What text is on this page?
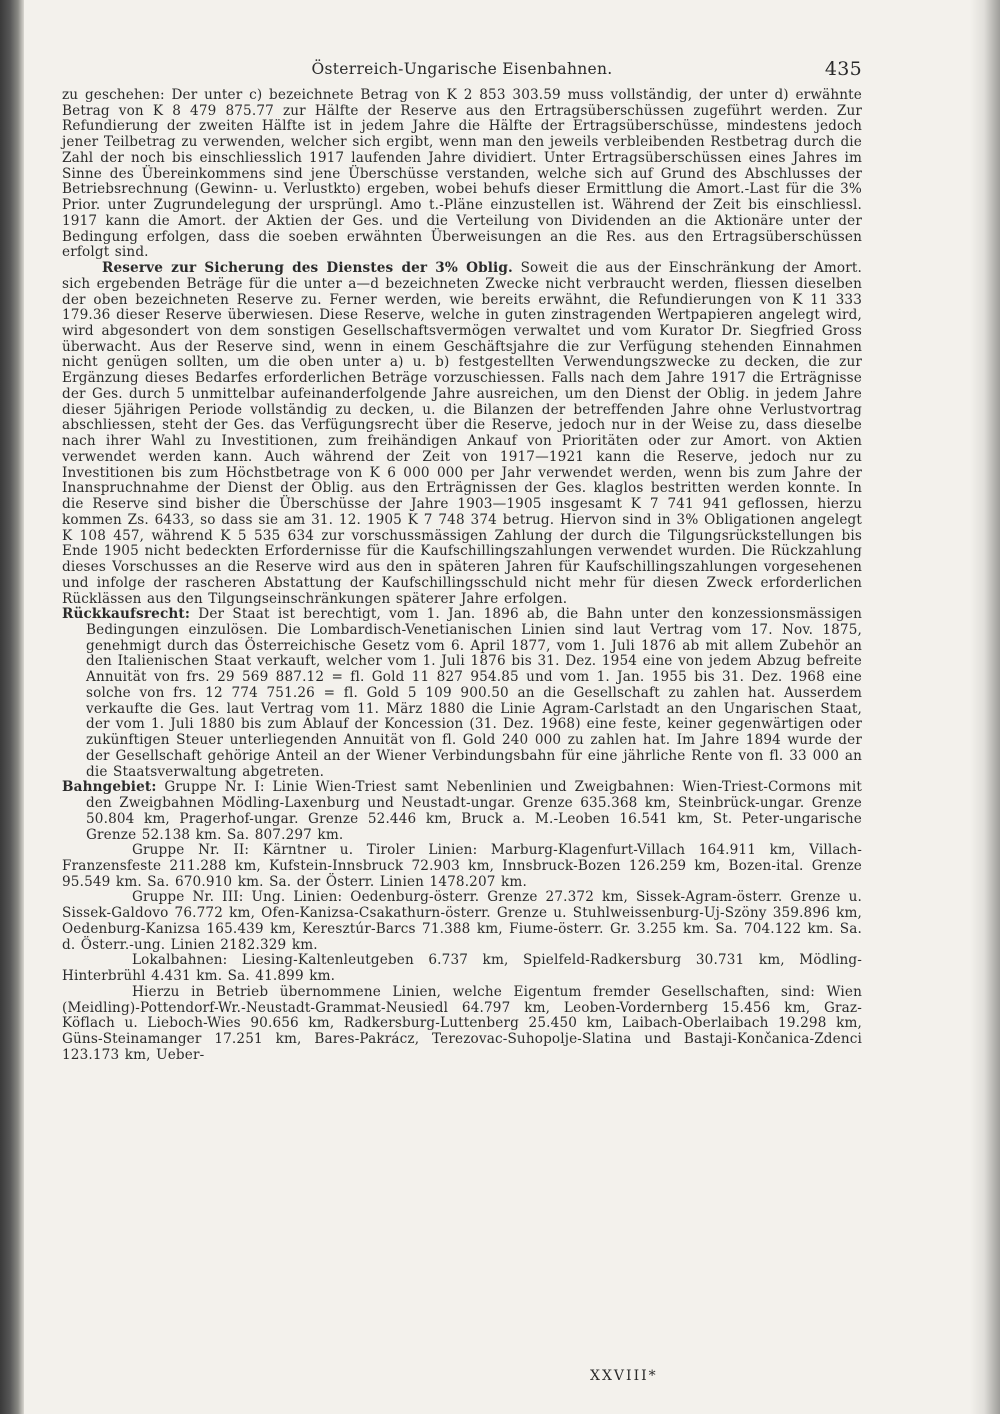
Österreich-Ungarische Eisenbahnen.	435

zu geschehen: Der unter c) bezeichnete Betrag von K 2 853 303.59 muss vollständig, der unter d) erwähnte Betrag von K 8 479 875.77 zur Hälfte der Reserve aus den Ertragsüberschüssen zugeführt werden. Zur Refundierung der zweiten Hälfte ist in jedem Jahre die Hälfte der Ertragsüberschüsse, mindestens jedoch jener Teilbetrag zu verwenden, welcher sich ergibt, wenn man den jeweils verbleibenden Restbetrag durch die Zahl der noch bis einschliesslich 1917 laufenden Jahre dividiert. Unter Ertragsüberschüssen eines Jahres im Sinne des Übereinkommens sind jene Überschüsse verstanden, welche sich auf Grund des Abschlusses der Betriebsrechnung (Gewinn- u. Verlustkto) ergeben, wobei behufs dieser Ermittlung die Amort.-Last für die 3% Prior. unter Zugrundelegung der ursprüngl. Amo t.-Pläne einzustellen ist. Während der Zeit bis einschliessl. 1917 kann die Amort. der Aktien der Ges. und die Verteilung von Dividenden an die Aktionäre unter der Bedingung erfolgen, dass die soeben erwähnten Überweisungen an die Res. aus den Ertragsüberschüssen erfolgt sind.

Reserve zur Sicherung des Dienstes der 3% Oblig. Soweit die aus der Einschränkung der Amort. sich ergebenden Beträge für die unter a—d bezeichneten Zwecke nicht verbraucht werden, fliessen dieselben der oben bezeichneten Reserve zu. Ferner werden, wie bereits erwähnt, die Refundierungen von K 11 333 179.36 dieser Reserve überwiesen. Diese Reserve, welche in guten zinstragenden Wertpapieren angelegt wird, wird abgesondert von dem sonstigen Gesellschaftsvermögen verwaltet und vom Kurator Dr. Siegfried Gross überwacht. Aus der Reserve sind, wenn in einem Geschäftsjahre die zur Verfügung stehenden Einnahmen nicht genügen sollten, um die oben unter a) u. b) festgestellten Verwendungszwecke zu decken, die zur Ergänzung dieses Bedarfes erforderlichen Beträge vorzuschiessen. Falls nach dem Jahre 1917 die Erträgnisse der Ges. durch 5 unmittelbar aufeinanderfolgende Jahre ausreichen, um den Dienst der Oblig. in jedem Jahre dieser 5jährigen Periode vollständig zu decken, u. die Bilanzen der betreffenden Jahre ohne Verlustvortrag abschliessen, steht der Ges. das Verfügungsrecht über die Reserve, jedoch nur in der Weise zu, dass dieselbe nach ihrer Wahl zu Investitionen, zum freihändigen Ankauf von Prioritäten oder zur Amort. von Aktien verwendet werden kann. Auch während der Zeit von 1917—1921 kann die Reserve, jedoch nur zu Investitionen bis zum Höchstbetrage von K 6 000 000 per Jahr verwendet werden, wenn bis zum Jahre der Inanspruchnahme der Dienst der Oblig. aus den Erträgnissen der Ges. klaglos bestritten werden konnte. In die Reserve sind bisher die Überschüsse der Jahre 1903—1905 insgesamt K 7 741 941 geflossen, hierzu kommen Zs. 6433, so dass sie am 31. 12. 1905 K 7 748 374 betrug. Hiervon sind in 3% Obligationen angelegt K 108 457, während K 5 535 634 zur vorschussmässigen Zahlung der durch die Tilgungsrückstellungen bis Ende 1905 nicht bedeckten Erfordernisse für die Kaufschillingszahlungen verwendet wurden. Die Rückzahlung dieses Vorschusses an die Reserve wird aus den in späteren Jahren für Kaufschillingszahlungen vorgesehenen und infolge der rascheren Abstattung der Kaufschillingsschuld nicht mehr für diesen Zweck erforderlichen Rücklässen aus den Tilgungseinschränkungen späterer Jahre erfolgen.

Rückkaufsrecht: Der Staat ist berechtigt, vom 1. Jan. 1896 ab, die Bahn unter den konzessionsmässigen Bedingungen einzulösen. Die Lombardisch-Venetianischen Linien sind laut Vertrag vom 17. Nov. 1875, genehmigt durch das Österreichische Gesetz vom 6. April 1877, vom 1. Juli 1876 ab mit allem Zubehör an den Italienischen Staat verkauft, welcher vom 1. Juli 1876 bis 31. Dez. 1954 eine von jedem Abzug befreite Annuität von frs. 29 569 887.12 = fl. Gold 11 827 954.85 und vom 1. Jan. 1955 bis 31. Dez. 1968 eine solche von frs. 12 774 751.26 = fl. Gold 5 109 900.50 an die Gesellschaft zu zahlen hat. Ausserdem verkaufte die Ges. laut Vertrag vom 11. März 1880 die Linie Agram-Carlstadt an den Ungarischen Staat, der vom 1. Juli 1880 bis zum Ablauf der Koncession (31. Dez. 1968) eine feste, keiner gegenwärtigen oder zukünftigen Steuer unterliegenden Annuität von fl. Gold 240 000 zu zahlen hat. Im Jahre 1894 wurde der der Gesellschaft gehörige Anteil an der Wiener Verbindungsbahn für eine jährliche Rente von fl. 33 000 an die Staatsverwaltung abgetreten.

Bahngebiet: Gruppe Nr. I: Linie Wien-Triest samt Nebenlinien und Zweigbahnen: Wien-Triest-Cormons mit den Zweigbahnen Mödling-Laxenburg und Neustadt-ungar. Grenze 635.368 km, Steinbrück-ungar. Grenze 50.804 km, Pragerhof-ungar. Grenze 52.446 km, Bruck a. M.-Leoben 16.541 km, St. Peter-ungarische Grenze 52.138 km. Sa. 807.297 km.

Gruppe Nr. II: Kärntner u. Tiroler Linien: Marburg-Klagenfurt-Villach 164.911 km, Villach-Franzensfeste 211.288 km, Kufstein-Innsbruck 72.903 km, Innsbruck-Bozen 126.259 km, Bozen-ital. Grenze 95.549 km. Sa. 670.910 km. Sa. der Österr. Linien 1478.207 km.

Gruppe Nr. III: Ung. Linien: Oedenburg-österr. Grenze 27.372 km, Sissek-Agram-österr. Grenze u. Sissek-Galdovo 76.772 km, Ofen-Kanizsa-Csakathurn-österr. Grenze u. Stuhlweissenburg-Uj-Szöny 359.896 km, Oedenburg-Kanizsa 165.439 km, Keresztúr-Barcs 71.388 km, Fiume-österr. Gr. 3.255 km. Sa. 704.122 km. Sa. d. Österr.-ung. Linien 2182.329 km.

Lokalbahnen: Liesing-Kaltenleutgeben 6.737 km, Spielfeld-Radkersburg 30.731 km, Mödling-Hinterbrühl 4.431 km. Sa. 41.899 km.

Hierzu in Betrieb übernommene Linien, welche Eigentum fremder Gesellschaften, sind: Wien (Meidling)-Pottendorf-Wr.-Neustadt-Grammat-Neusiedl 64.797 km, Leoben-Vordernberg 15.456 km, Graz-Köflach u. Lieboch-Wies 90.656 km, Radkersburg-Luttenberg 25.450 km, Laibach-Oberlaibach 19.298 km, Güns-Steinamanger 17.251 km, Bares-Pakrácz, Terezovac-Suhopolje-Slatina und Bastaji-Končanica-Zdenci 123.173 km, Ueber-

XXVIII*
